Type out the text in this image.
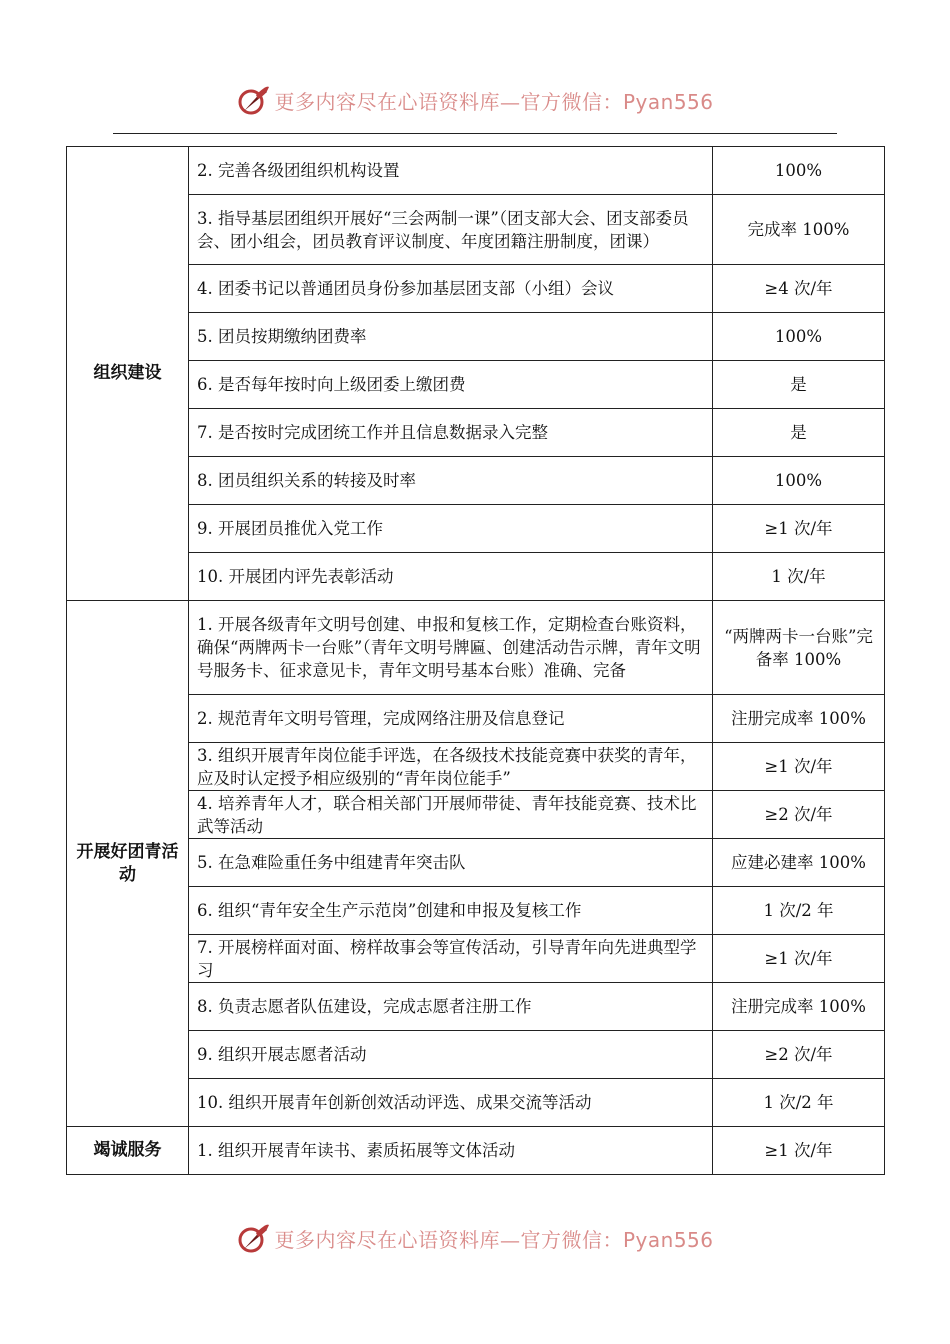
更多内容尽在心语资料库—官方微信：Pyan556
组织建设	2. 完善各级团组织机构设置	100%
	3. 指导基层团组织开展好“三会两制一课”（团支部大会、团支部委员会、团小组会，团员教育评议制度、年度团籍注册制度，团课）	完成率 100%
	4. 团委书记以普通团员身份参加基层团支部（小组）会议	≥4 次/年
	5. 团员按期缴纳团费率	100%
	6. 是否每年按时向上级团委上缴团费	是
	7. 是否按时完成团统工作并且信息数据录入完整	是
	8. 团员组织关系的转接及时率	100%
	9. 开展团员推优入党工作	≥1 次/年
	10. 开展团内评先表彰活动	1 次/年
开展好团青活动	1. 开展各级青年文明号创建、申报和复核工作，定期检查台账资料，确保“两牌两卡一台账”（青年文明号牌匾、创建活动告示牌，青年文明号服务卡、征求意见卡，青年文明号基本台账）准确、完备	“两牌两卡一台账”完备率 100%
	2. 规范青年文明号管理，完成网络注册及信息登记	注册完成率 100%
	3. 组织开展青年岗位能手评选，在各级技术技能竞赛中获奖的青年，应及时认定授予相应级别的“青年岗位能手”	≥1 次/年
	4. 培养青年人才，联合相关部门开展师带徒、青年技能竞赛、技术比武等活动	≥2 次/年
	5. 在急难险重任务中组建青年突击队	应建必建率 100%
	6. 组织“青年安全生产示范岗”创建和申报及复核工作	1 次/2 年
	7. 开展榜样面对面、榜样故事会等宣传活动，引导青年向先进典型学习	≥1 次/年
	8. 负责志愿者队伍建设，完成志愿者注册工作	注册完成率 100%
	9. 组织开展志愿者活动	≥2 次/年
	10. 组织开展青年创新创效活动评选、成果交流等活动	1 次/2 年
竭诚服务	1. 组织开展青年读书、素质拓展等文体活动	≥1 次/年
更多内容尽在心语资料库—官方微信：Pyan556
